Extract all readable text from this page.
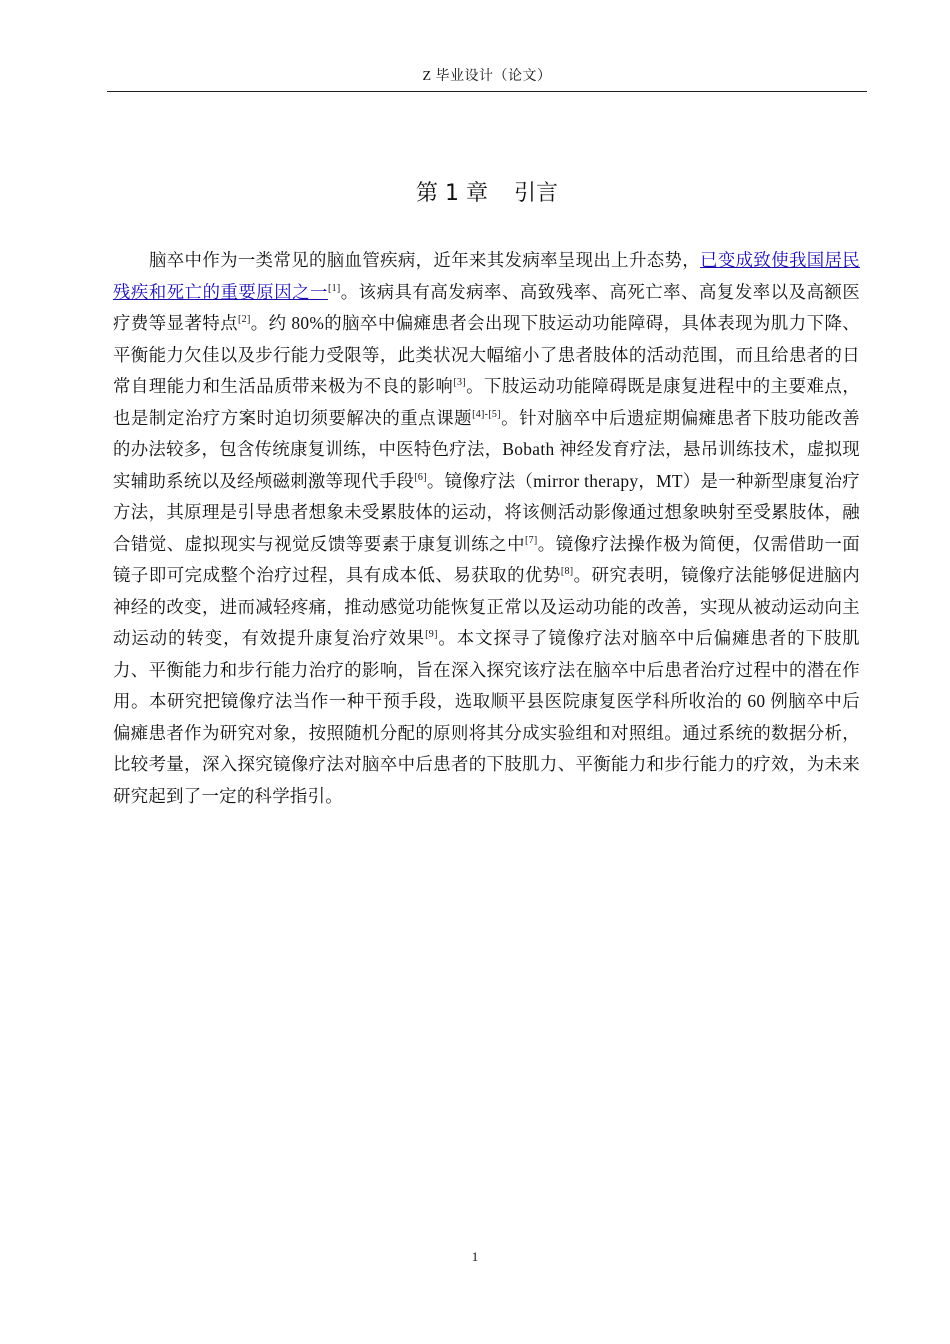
Z 毕业设计（论文）
第 1 章 引言

脑卒中作为一类常见的脑血管疾病，近年来其发病率呈现出上升态势，已变成致使我国居民残疾和死亡的重要原因之一[1]。该病具有高发病率、高致残率、高死亡率、高复发率以及高额医疗费等显著特点[2]。约 80%的脑卒中偏瘫患者会出现下肢运动功能障碍，具体表现为肌力下降、平衡能力欠佳以及步行能力受限等，此类状况大幅缩小了患者肢体的活动范围，而且给患者的日常自理能力和生活品质带来极为不良的影响[3]。下肢运动功能障碍既是康复进程中的主要难点，也是制定治疗方案时迫切须要解决的重点课题[4]-[5]。针对脑卒中后遗症期偏瘫患者下肢功能改善的办法较多，包含传统康复训练，中医特色疗法，Bobath 神经发育疗法，悬吊训练技术，虚拟现实辅助系统以及经颅磁刺激等现代手段[6]。镜像疗法（mirror therapy，MT）是一种新型康复治疗方法，其原理是引导患者想象未受累肢体的运动，将该侧活动影像通过想象映射至受累肢体，融合错觉、虚拟现实与视觉反馈等要素于康复训练之中[7]。镜像疗法操作极为简便，仅需借助一面镜子即可完成整个治疗过程，具有成本低、易获取的优势[8]。研究表明，镜像疗法能够促进脑内神经的改变，进而减轻疼痛，推动感觉功能恢复正常以及运动功能的改善，实现从被动运动向主动运动的转变，有效提升康复治疗效果[9]。本文探寻了镜像疗法对脑卒中后偏瘫患者的下肢肌力、平衡能力和步行能力治疗的影响，旨在深入探究该疗法在脑卒中后患者治疗过程中的潜在作用。本研究把镜像疗法当作一种干预手段，选取顺平县医院康复医学科所收治的 60 例脑卒中后偏瘫患者作为研究对象，按照随机分配的原则将其分成实验组和对照组。通过系统的数据分析，比较考量，深入探究镜像疗法对脑卒中后患者的下肢肌力、平衡能力和步行能力的疗效，为未来研究起到了一定的科学指引。

1
